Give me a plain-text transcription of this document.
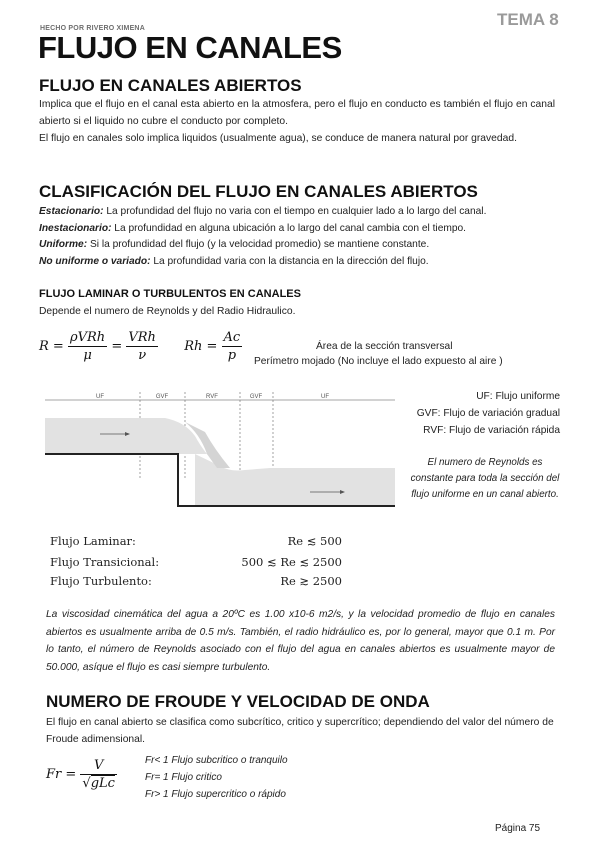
HECHO POR RIVERO XIMENA	TEMA 8
FLUJO EN CANALES
FLUJO EN CANALES ABIERTOS

Implica que el flujo en el canal esta abierto en la atmosfera, pero el flujo en conducto es también el flujo en canal abierto si el liquido no cubre el conducto por completo.

El flujo en canales solo implica liquidos (usualmente agua), se conduce de manera natural por gravedad.

CLASIFICACIÓN DEL FLUJO EN CANALES ABIERTOS
Estacionario: La profundidad del flujo no varia con el tiempo en cualquier lado a lo largo del canal.
Inestacionario: La profundidad en alguna ubicación a lo largo del canal cambia con el tiempo.
Uniforme: Si la profundidad del flujo (y la velocidad promedio) se mantiene constante.
No uniforme o variado: La profundidad varia con la distancia en la dirección del flujo.
FLUJO LAMINAR O TURBULENTOS EN CANALES
Depende el numero de Reynolds y del Radio Hidraulico.
$R = \frac{\text{ρVRh}}{\mu} = \frac{\text{VRh}}{\nu}$ $Rh = \frac{Ac}{p}$	Área de la sección transversal
Perímetro mojado (No incluye el lado expuesto al aire )
UF	GVF	RVF	GVF	UF	UF: Flujo uniforme
GVF: Flujo de variación gradual
RVF: Flujo de variación rápida
El numero de Reynolds es constante para toda la sección del flujo uniforme en un canal abierto.
Flujo Laminar:	Re ≲ 500
Flujo Transicional:	500 ≲ Re ≲ 2500
Flujo Turbulento:	Re ≳ 2500
La viscosidad cinemática del agua a 20ºC es 1.00 x10-6 m2/s, y la velocidad promedio de flujo en canales abiertos es usualmente arriba de 0.5 m/s. También, el radio hidráulico es, por lo general, mayor que 0.1 m. Por lo tanto, el número de Reynolds asociado con el flujo del agua en canales abiertos es usualmente mayor de 50.000, asíque el flujo es casi siempre turbulento.
NUMERO DE FROUDE Y VELOCIDAD DE ONDA
El flujo en canal abierto se clasifica como subcrítico, critico y supercrítico; dependiendo del valor del número de Froude adimensional.
$Fr = \frac{V}{\text{√gLc}}$	Fr< 1 Flujo subcritico o tranquilo
Fr= 1 Flujo critico
Fr> 1 Flujo supercritico o rápido
Página 75
